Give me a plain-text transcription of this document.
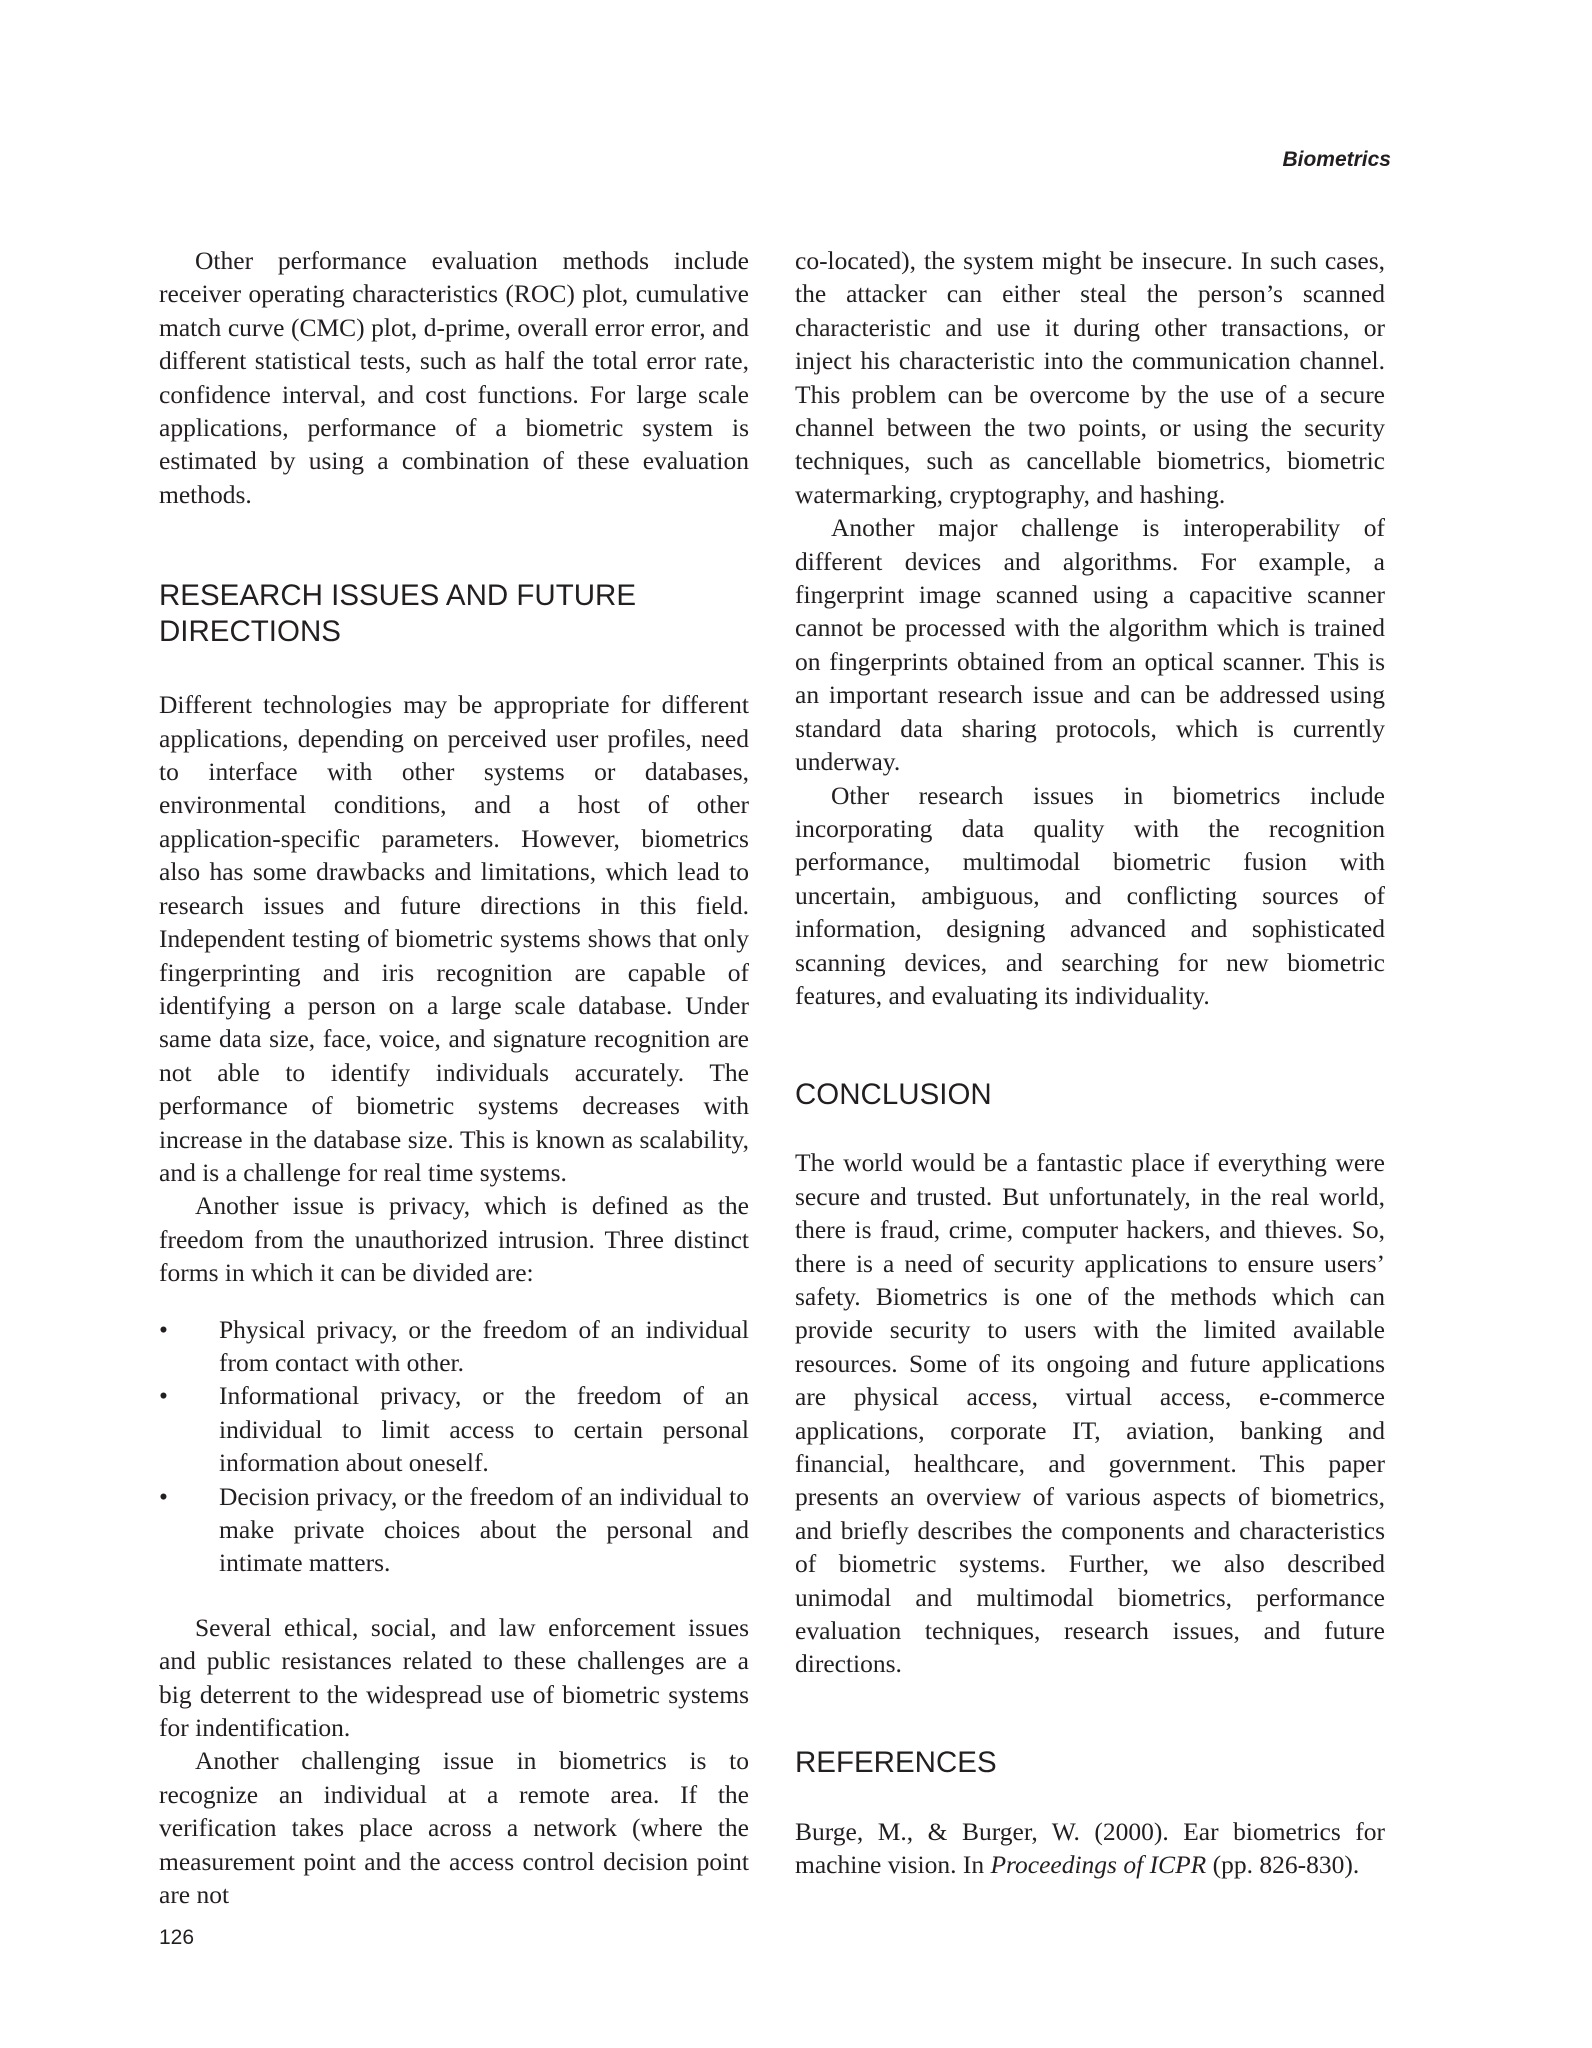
Biometrics

Other performance evaluation methods include receiver operating characteristics (ROC) plot, cumulative match curve (CMC) plot, d-prime, overall error error, and different statistical tests, such as half the total error rate, confidence interval, and cost functions. For large scale applications, performance of a biometric system is estimated by using a combination of these evaluation methods.

RESEARCH ISSUES AND FUTURE DIRECTIONS

Different technologies may be appropriate for different applications, depending on perceived user profiles, need to interface with other systems or databases, environmental conditions, and a host of other application-specific parameters. However, biometrics also has some drawbacks and limitations, which lead to research issues and future directions in this field. Independent testing of biometric systems shows that only fingerprinting and iris recognition are capable of identifying a person on a large scale database. Under same data size, face, voice, and signature recognition are not able to identify individuals accurately. The performance of biometric systems decreases with increase in the database size. This is known as scalability, and is a challenge for real time systems.

Another issue is privacy, which is defined as the freedom from the unauthorized intrusion. Three distinct forms in which it can be divided are:

• Physical privacy, or the freedom of an individual from contact with other.
• Informational privacy, or the freedom of an individual to limit access to certain personal information about oneself.
• Decision privacy, or the freedom of an individual to make private choices about the personal and intimate matters.

Several ethical, social, and law enforcement issues and public resistances related to these challenges are a big deterrent to the widespread use of biometric systems for indentification.

Another challenging issue in biometrics is to recognize an individual at a remote area. If the verification takes place across a network (where the measurement point and the access control decision point are not

co-located), the system might be insecure. In such cases, the attacker can either steal the person’s scanned characteristic and use it during other transactions, or inject his characteristic into the communication channel. This problem can be overcome by the use of a secure channel between the two points, or using the security techniques, such as cancellable biometrics, biometric watermarking, cryptography, and hashing.

Another major challenge is interoperability of different devices and algorithms. For example, a fingerprint image scanned using a capacitive scanner cannot be processed with the algorithm which is trained on fingerprints obtained from an optical scanner. This is an important research issue and can be addressed using standard data sharing protocols, which is currently underway.

Other research issues in biometrics include incorporating data quality with the recognition performance, multimodal biometric fusion with uncertain, ambiguous, and conflicting sources of information, designing advanced and sophisticated scanning devices, and searching for new biometric features, and evaluating its individuality.

CONCLUSION

The world would be a fantastic place if everything were secure and trusted. But unfortunately, in the real world, there is fraud, crime, computer hackers, and thieves. So, there is a need of security applications to ensure users’ safety. Biometrics is one of the methods which can provide security to users with the limited available resources. Some of its ongoing and future applications are physical access, virtual access, e-commerce applications, corporate IT, aviation, banking and financial, healthcare, and government. This paper presents an overview of various aspects of biometrics, and briefly describes the components and characteristics of biometric systems. Further, we also described unimodal and multimodal biometrics, performance evaluation techniques, research issues, and future directions.

REFERENCES

Burge, M., & Burger, W. (2000). Ear biometrics for machine vision. In Proceedings of ICPR (pp. 826-830).

126
